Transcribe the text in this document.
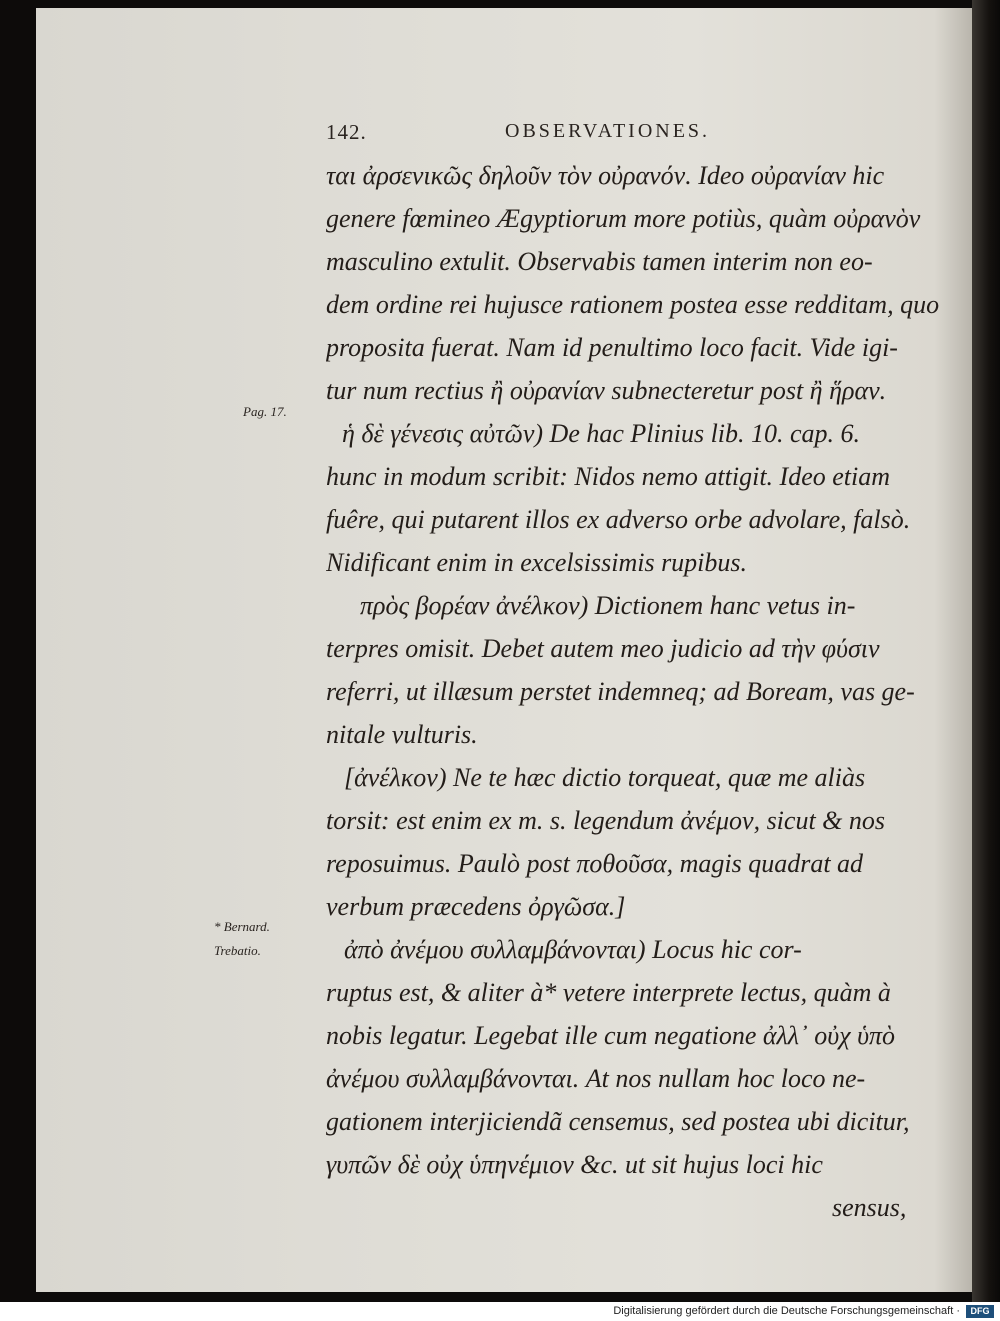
142.	OBSERVATIONES.
Pag. 17.
* Bernard.
Trebatio.
ται ἀρσενικῶς δηλοῦν τὸν οὐρανόν. Ideo οὐρανίαν hic
genere fœmineo Ægyptiorum more potiùs, quàm οὐρανὸν
masculino extulit. Observabis tamen interim non eo-
dem ordine rei hujusce rationem postea esse redditam, quo
proposita fuerat. Nam id penultimo loco facit. Vide igi-
tur num rectius ἢ οὐρανίαν subnecteretur post ἢ ἥραν.
ἡ δὲ γένεσις αὐτῶν) De hac Plinius lib. 10. cap. 6.
hunc in modum scribit: Nidos nemo attigit. Ideo etiam
fuêre, qui putarent illos ex adverso orbe advolare, falsò.
Nidificant enim in excelsissimis rupibus.
πρὸς βορέαν ἀνέλκον) Dictionem hanc vetus in-
terpres omisit. Debet autem meo judicio ad τὴν φύσιν
referri, ut illæsum perstet indemneq; ad Boream, vas ge-
nitale vulturis.
[ἀνέλκον) Ne te hæc dictio torqueat, quæ me aliàs
torsit: est enim ex m. s. legendum ἀνέμον, sicut & nos
reposuimus. Paulò post ποθοῦσα, magis quadrat ad
verbum præcedens ὀργῶσα.]
ἀπὸ ἀνέμου συλλαμβάνονται) Locus hic cor-
ruptus est, & aliter à* vetere interprete lectus, quàm à
nobis legatur. Legebat ille cum negatione ἀλλ᾽ οὐχ ὑπὸ
ἀνέμου συλλαμβάνονται. At nos nullam hoc loco ne-
gationem interjiciendã censemus, sed postea ubi dicitur,
γυπῶν δὲ οὐχ ὑπηνέμιον &c. ut sit hujus loci hic
sensus,
Digitalisierung gefördert durch die Deutsche Forschungsgemeinschaft ·	DFG
